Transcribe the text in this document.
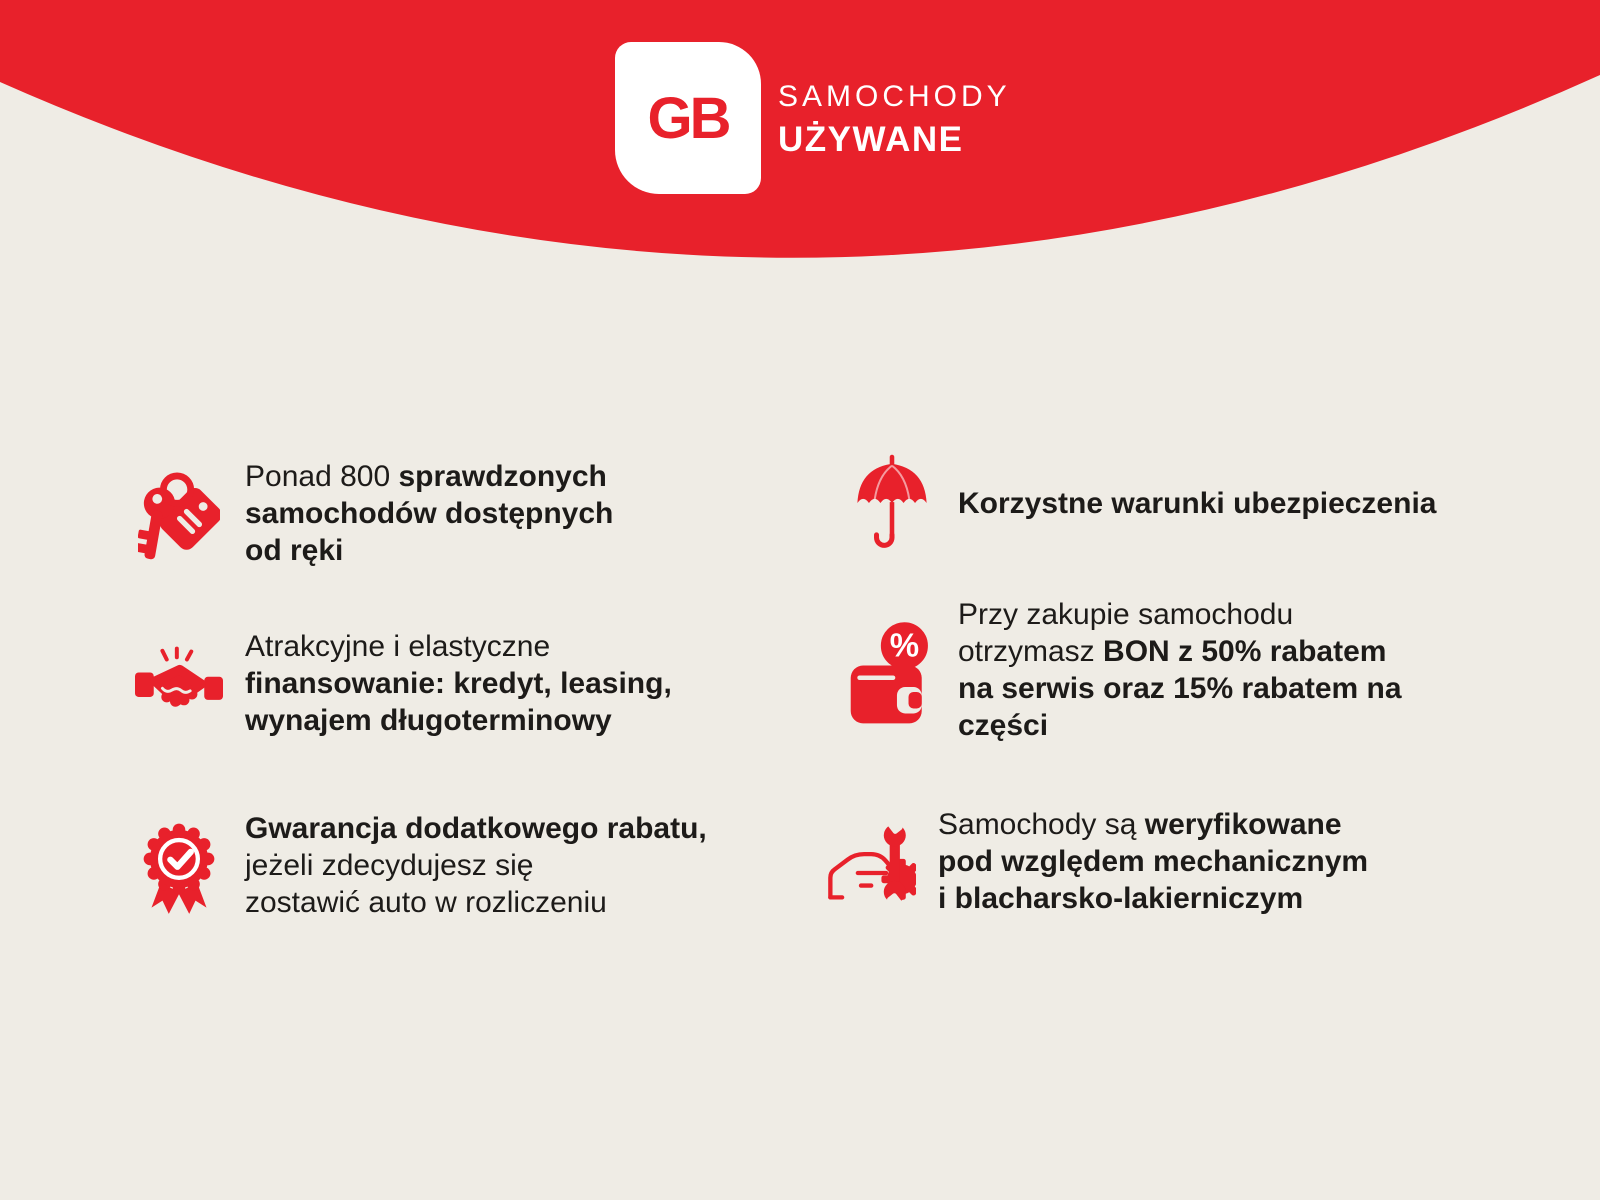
GB SAMOCHODY
UŻYWANE
Ponad 800 sprawdzonych
samochodów dostępnych
od ręki
Atrakcyjne i elastyczne
finansowanie: kredyt, leasing,
wynajem długoterminowy
Gwarancja dodatkowego rabatu,
jeżeli zdecydujesz się
zostawić auto w rozliczeniu
Korzystne warunki ubezpieczenia
%
Przy zakupie samochodu
otrzymasz BON z 50% rabatem
na serwis oraz 15% rabatem na
części
Samochody są weryfikowane
pod względem mechanicznym
i blacharsko-lakierniczym
